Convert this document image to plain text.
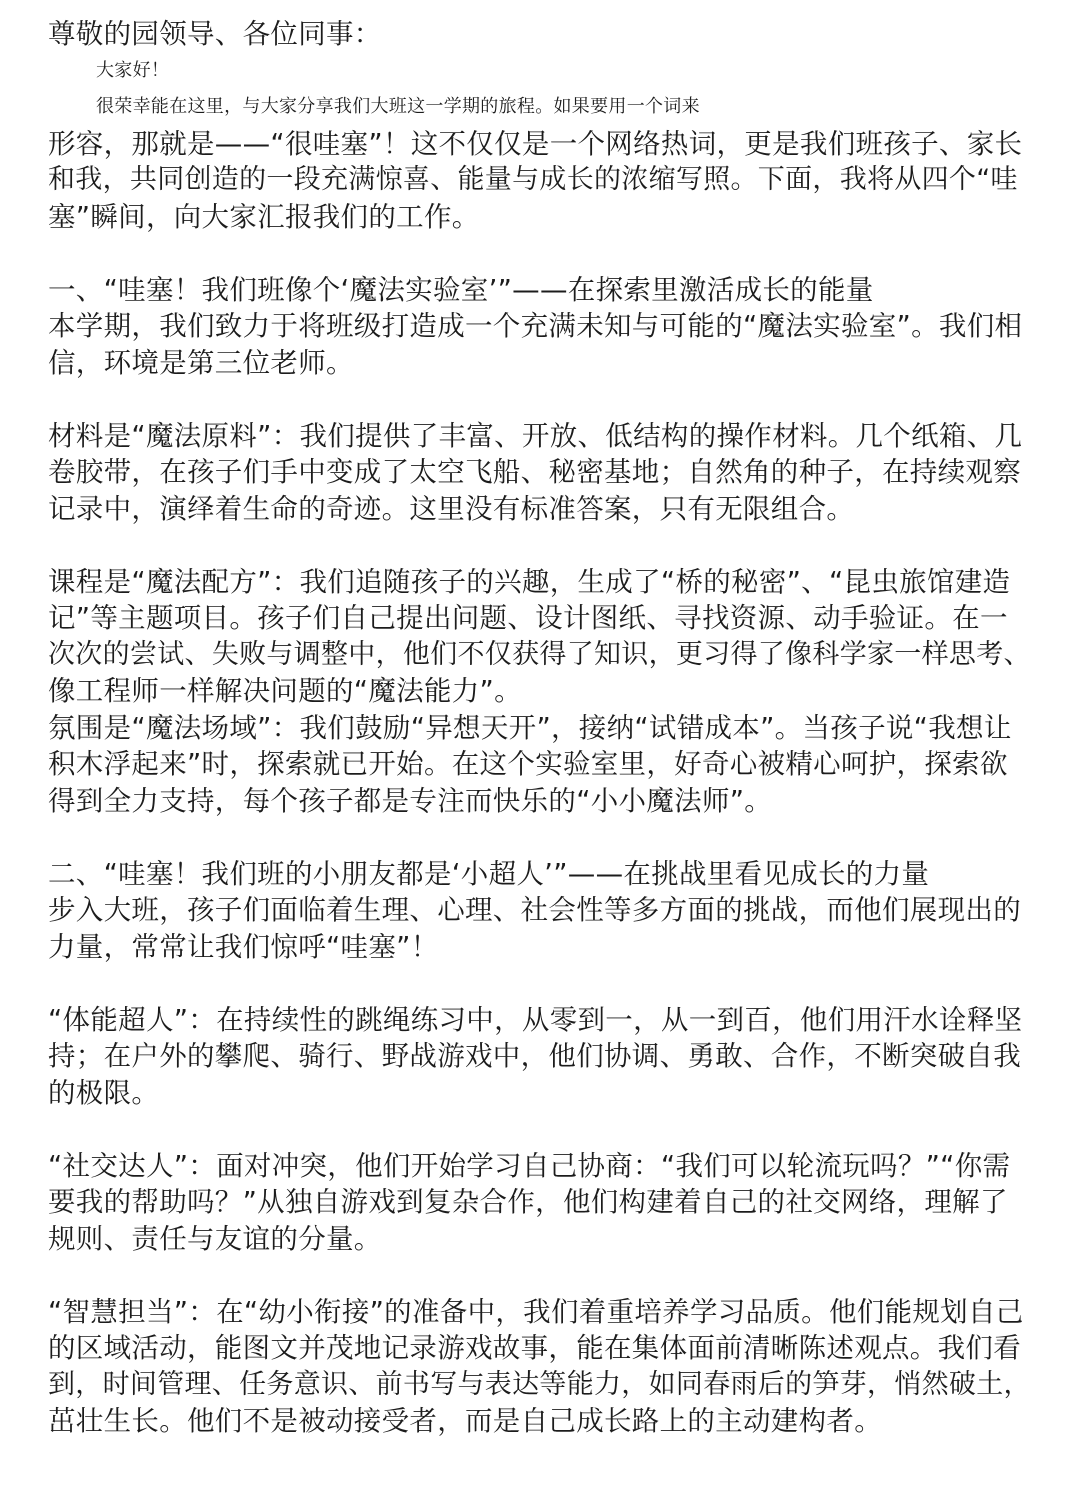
尊敬的园领导、各位同事：

大家好！

很荣幸能在这里，与大家分享我们大班这一学期的旅程。如果要用一个词来

形容，那就是——“很哇塞”！这不仅仅是一个网络热词，更是我们班孩子、家长

和我，共同创造的一段充满惊喜、能量与成长的浓缩写照。下面，我将从四个“哇

塞”瞬间，向大家汇报我们的工作。

一、“哇塞！我们班像个‘魔法实验室’”——在探索里激活成长的能量

本学期，我们致力于将班级打造成一个充满未知与可能的“魔法实验室”。我们相

信，环境是第三位老师。

材料是“魔法原料”：我们提供了丰富、开放、低结构的操作材料。几个纸箱、几

卷胶带，在孩子们手中变成了太空飞船、秘密基地；自然角的种子，在持续观察

记录中，演绎着生命的奇迹。这里没有标准答案，只有无限组合。

课程是“魔法配方”：我们追随孩子的兴趣，生成了“桥的秘密”、“昆虫旅馆建造

记”等主题项目。孩子们自己提出问题、设计图纸、寻找资源、动手验证。在一

次次的尝试、失败与调整中，他们不仅获得了知识，更习得了像科学家一样思考、

像工程师一样解决问题的“魔法能力”。

氛围是“魔法场域”：我们鼓励“异想天开”，接纳“试错成本”。当孩子说“我想让

积木浮起来”时，探索就已开始。在这个实验室里，好奇心被精心呵护，探索欲

得到全力支持，每个孩子都是专注而快乐的“小小魔法师”。

二、“哇塞！我们班的小朋友都是‘小超人’”——在挑战里看见成长的力量

步入大班，孩子们面临着生理、心理、社会性等多方面的挑战，而他们展现出的

力量，常常让我们惊呼“哇塞”！

“体能超人”：在持续性的跳绳练习中，从零到一，从一到百，他们用汗水诠释坚

持；在户外的攀爬、骑行、野战游戏中，他们协调、勇敢、合作，不断突破自我

的极限。

“社交达人”：面对冲突，他们开始学习自己协商：“我们可以轮流玩吗？”“你需

要我的帮助吗？”从独自游戏到复杂合作，他们构建着自己的社交网络，理解了

规则、责任与友谊的分量。

“智慧担当”：在“幼小衔接”的准备中，我们着重培养学习品质。他们能规划自己

的区域活动，能图文并茂地记录游戏故事，能在集体面前清晰陈述观点。我们看

到，时间管理、任务意识、前书写与表达等能力，如同春雨后的笋芽，悄然破土，

茁壮生长。他们不是被动接受者，而是自己成长路上的主动建构者。
